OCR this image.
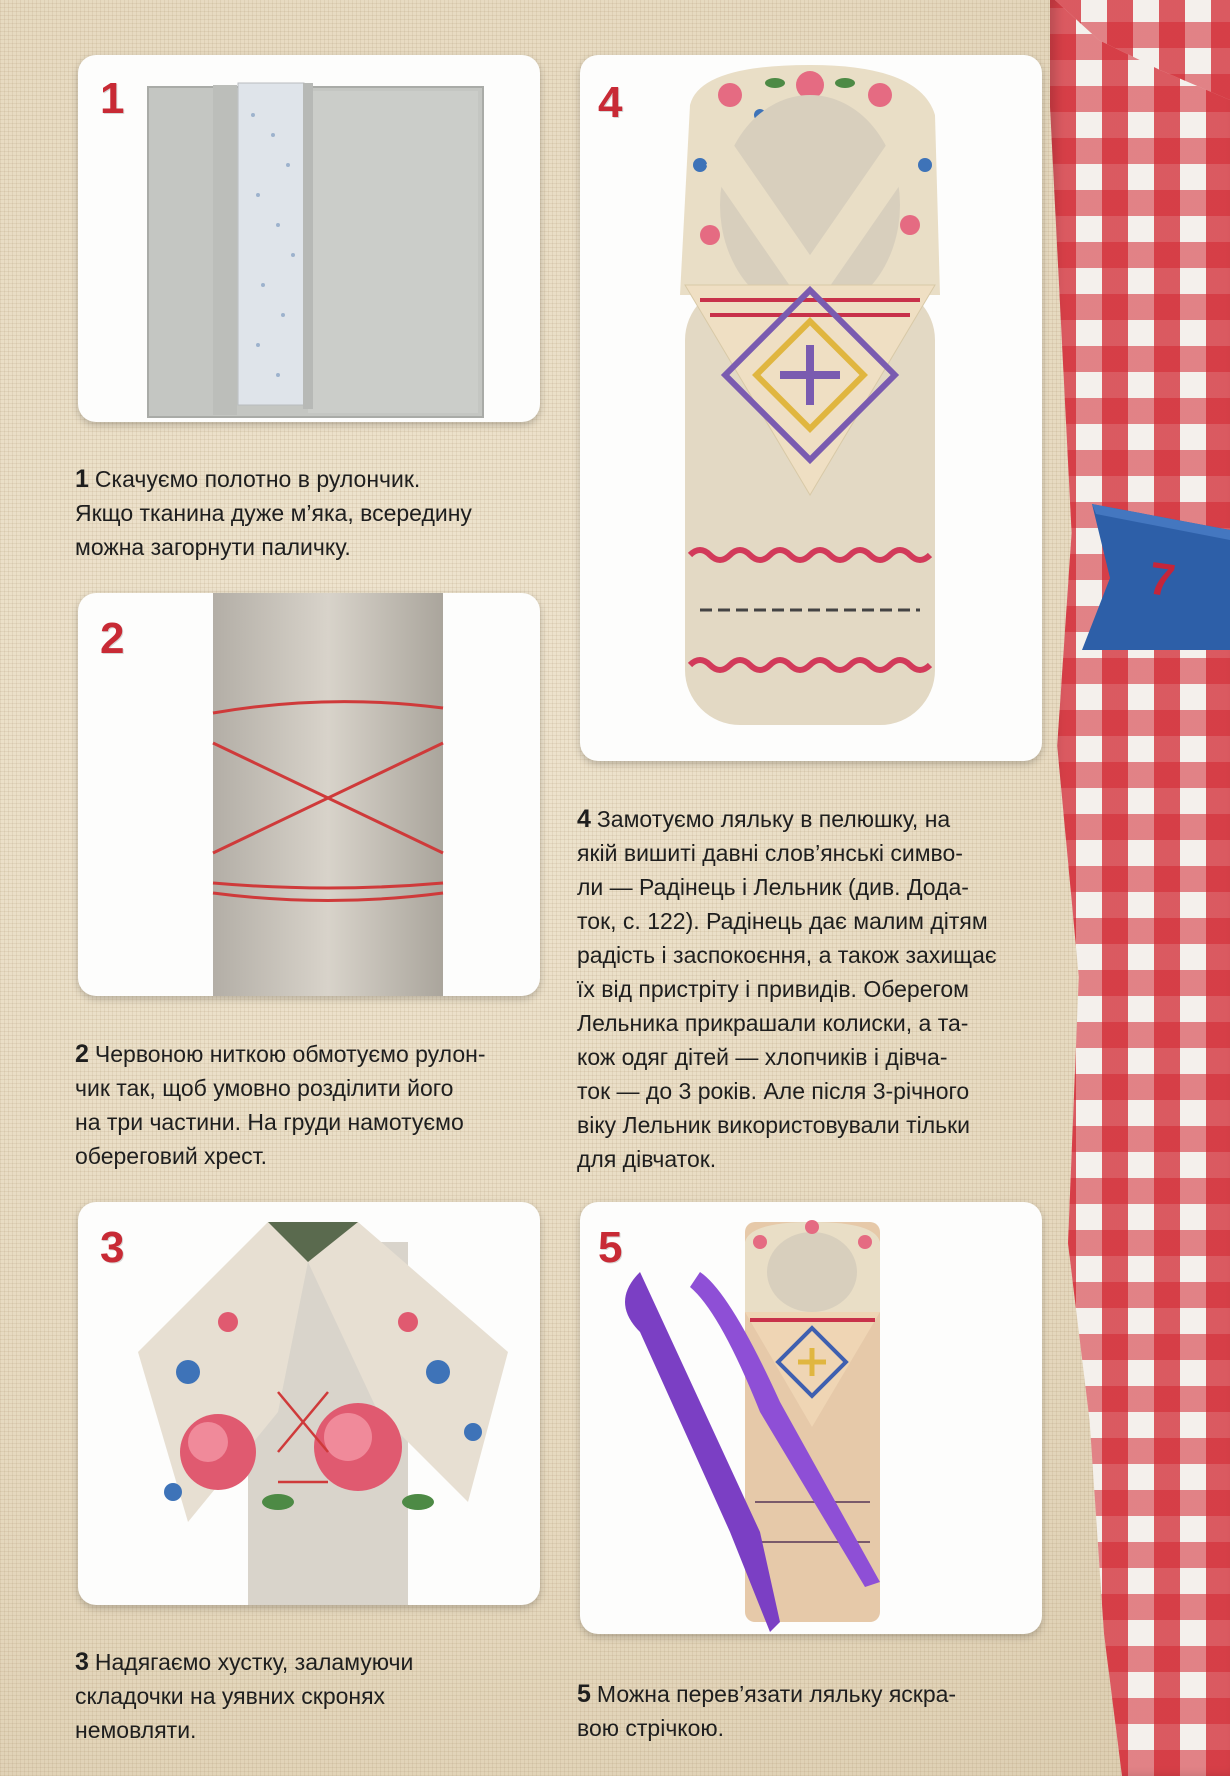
7
1

1 Скачуємо полотно в рулончик.
Якщо тканина дуже м’яка, всередину
можна загорнути паличку.

2

2 Червоною ниткою обмотуємо рулон-
чик так, щоб умовно розділити його
на три частини. На груди намотуємо
обереговий хрест.

3

3 Надягаємо хустку, заламуючи
складочки на уявних скронях
немовляти.

4

4 Замотуємо ляльку в пелюшку, на
якій вишиті давні слов’янські симво-
ли — Радінець і Лельник (див. Дода-
ток, с. 122). Радінець дає малим дітям
радість і заспокоєння, а також захищає
їх від пристріту і привидів. Оберегом
Лельника прикрашали колиски, а та-
кож одяг дітей — хлопчиків і дівча-
ток — до 3 років. Але після 3-річного
віку Лельник використовували тільки
для дівчаток.

5

5 Можна перев’язати ляльку яскра-
вою стрічкою.
